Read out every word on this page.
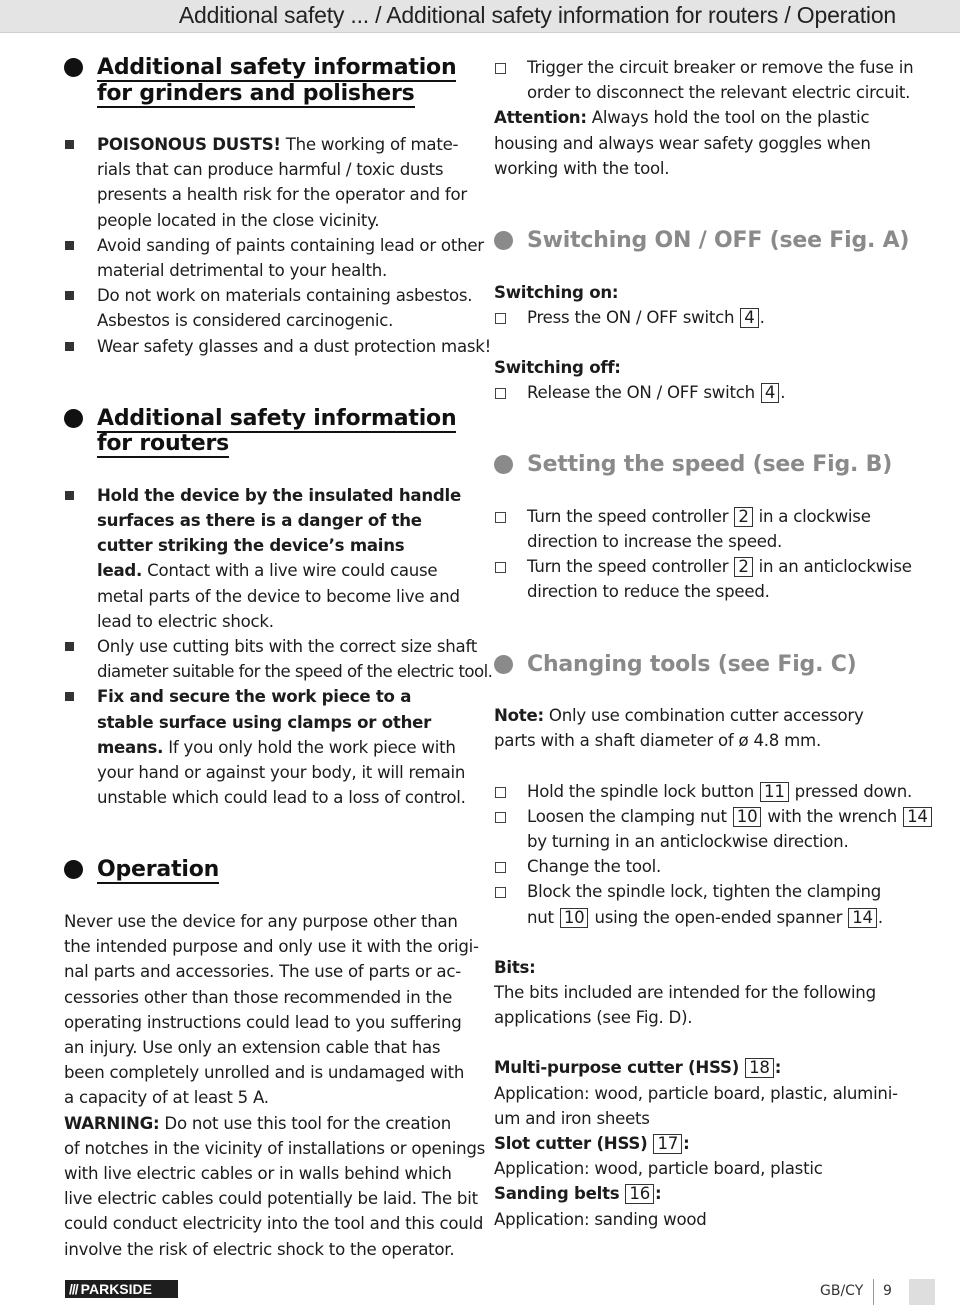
Additional safety ... / Additional safety information for routers / Operation
Additional safety information
for grinders and polishers
POISONOUS DUSTS! The working of mate-
rials that can produce harmful / toxic dusts
presents a health risk for the operator and for
people located in the close vicinity.
Avoid sanding of paints containing lead or other
material detrimental to your health.
Do not work on materials containing asbestos.
Asbestos is considered carcinogenic.
Wear safety glasses and a dust protection mask!
Additional safety information
for routers
Hold the device by the insulated handle
surfaces as there is a danger of the
cutter striking the device’s mains
lead. Contact with a live wire could cause
metal parts of the device to become live and
lead to electric shock.
Only use cutting bits with the correct size shaft
diameter suitable for the speed of the electric tool.
Fix and secure the work piece to a
stable surface using clamps or other
means. If you only hold the work piece with
your hand or against your body, it will remain
unstable which could lead to a loss of control.
Operation
Never use the device for any purpose other than
the intended purpose and only use it with the origi-
nal parts and accessories. The use of parts or ac-
cessories other than those recommended in the
operating instructions could lead to you suffering
an injury. Use only an extension cable that has
been completely unrolled and is undamaged with
a capacity of at least 5 A.
WARNING: Do not use this tool for the creation
of notches in the vicinity of installations or openings
with live electric cables or in walls behind which
live electric cables could potentially be laid. The bit
could conduct electricity into the tool and this could
involve the risk of electric shock to the operator.
Trigger the circuit breaker or remove the fuse in
order to disconnect the relevant electric circuit.
Attention: Always hold the tool on the plastic
housing and always wear safety goggles when
working with the tool.
Switching ON / OFF (see Fig. A)
Switching on:
Press the ON / OFF switch 4 .
Switching off:
Release the ON / OFF switch 4 .
Setting the speed (see Fig. B)
Turn the speed controller 2 in a clockwise
direction to increase the speed.
Turn the speed controller 2 in an anticlockwise
direction to reduce the speed.
Changing tools (see Fig. C)
Note: Only use combination cutter accessory
parts with a shaft diameter of ø 4.8 mm.
Hold the spindle lock button 11 pressed down.
Loosen the clamping nut 10 with the wrench 14
by turning in an anticlockwise direction.
Change the tool.
Block the spindle lock, tighten the clamping
nut 10 using the open-ended spanner 14 .
Bits:
The bits included are intended for the following
applications (see Fig. D).
Multi-purpose cutter (HSS) 18 :
Application: wood, particle board, plastic, alumini-
um and iron sheets
Slot cutter (HSS) 17 :
Application: wood, particle board, plastic
Sanding belts 16 :
Application: sanding wood
/// PARKSIDE	GB/CY 9
